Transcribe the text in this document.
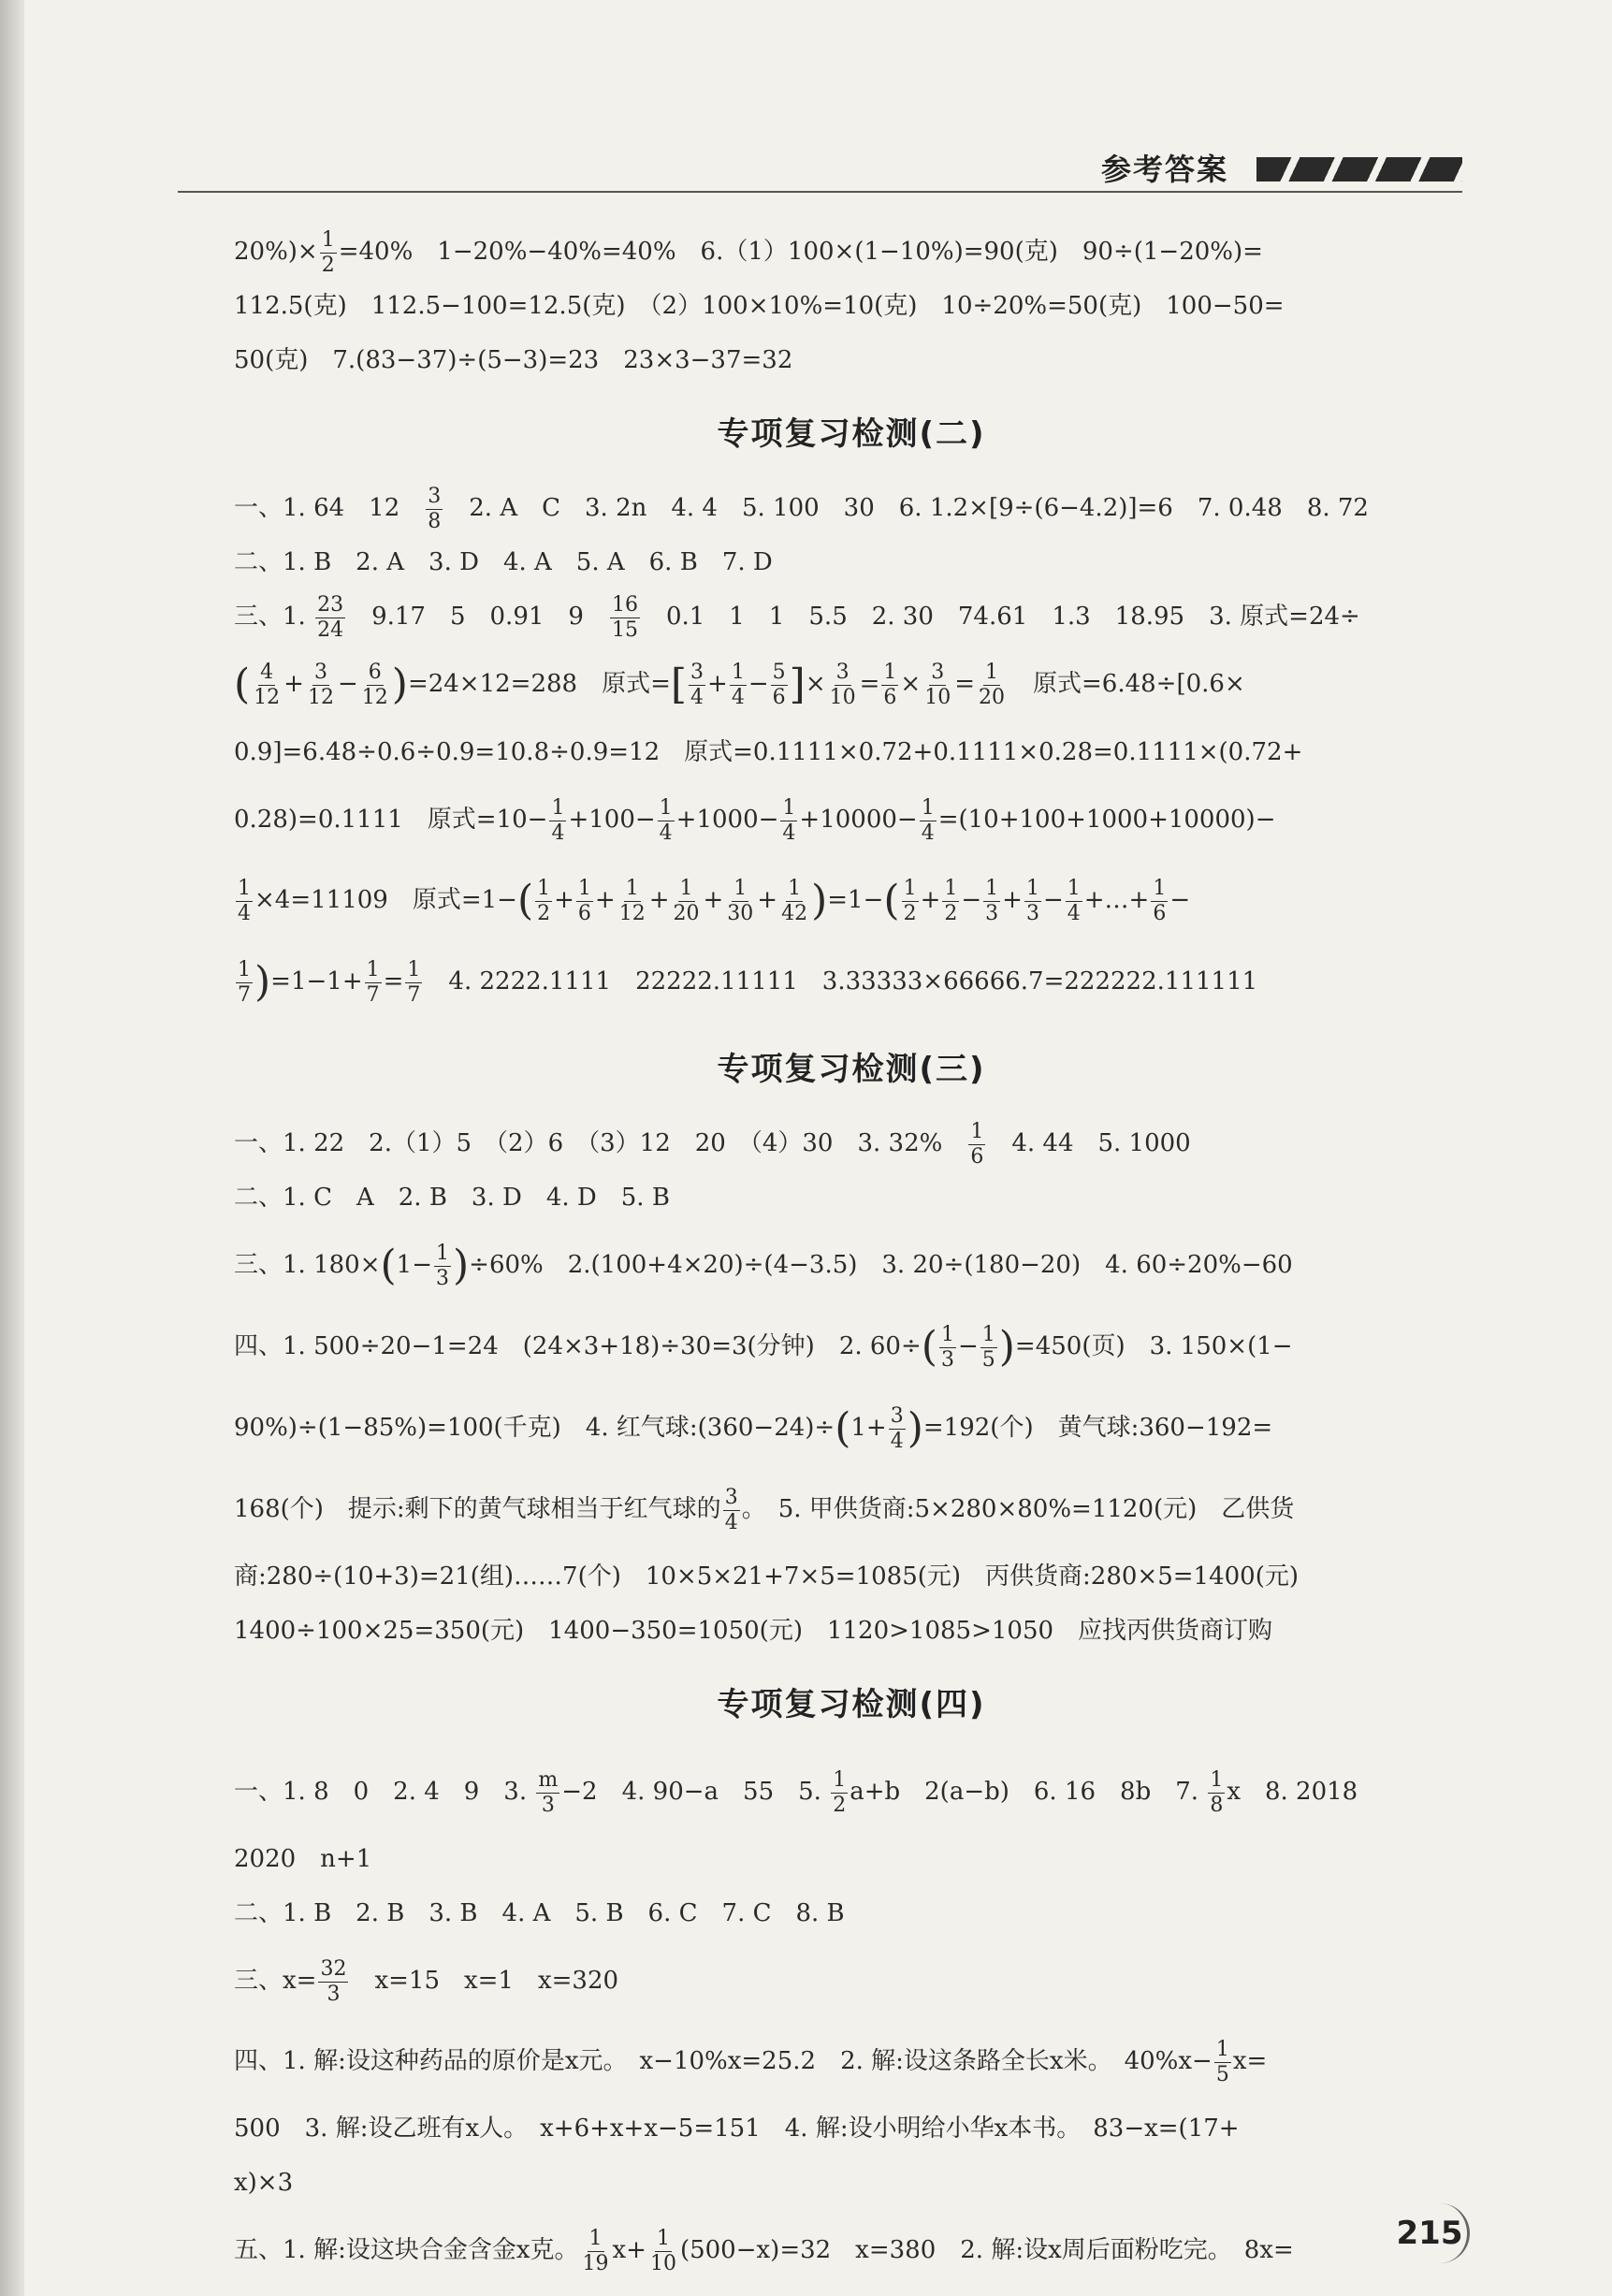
参考答案
$20\%)\times \frac{1}{2} =40\%$　1−20%−40%=40%　6.（1）100×(1−10%)=90(克)　90÷(1−20%)=
112.5(克)　112.5−100=12.5(克)　（2）100×10%=10(克)　10÷20%=50(克)　100−50=
50(克)　7.(83−37)÷(5−3)=23　23×3−37=32
专项复习检测(二)
一、1. 64　12　 $\frac{3}{8}$ 　2. A　C　3. 2n　4. 4　5. 100　30　6. 1.2×[9÷(6−4.2)]=6　7. 0.48　8. 72
二、1. B　2. A　3. D　4. A　5. A　6. B　7. D
三、1. $\frac{23}{24}$ 　9.17　5　0.91　9　 $\frac{16}{15}$ 　0.1　1　1　5.5　2. 30　74.61　1.3　18.95　3. 原式=24÷
( $\frac{4}{12} + \frac{3}{12} - \frac{6}{12} )=24\times 12=288$　原式=[ $\frac{3}{4} + \frac{1}{4} - \frac{5}{6}$ ]× $\frac{3}{10} = \frac{1}{6} \times \frac{3}{10} = \frac{1}{20}$ 　原式=6.48÷[0.6×
0.9]=6.48÷0.6÷0.9=10.8÷0.9=12　原式=0.1111×0.72+0.1111×0.28=0.1111×(0.72+
0.28)=0.1111　原式$=10- \frac{1}{4} +100- \frac{1}{4} +1000- \frac{1}{4} +10000- \frac{1}{4} =(10+100+1000+10000)-$
$\frac{1}{4} \times 4=11109$　原式$=1-( \frac{1}{2} + \frac{1}{6} + \frac{1}{12} + \frac{1}{20} + \frac{1}{30} + \frac{1}{42} )=1-( \frac{1}{2} + \frac{1}{2} - \frac{1}{3} + \frac{1}{3} - \frac{1}{4}$ +…+ $\frac{1}{6}$ −
$\frac{1}{7} )=1-1+ \frac{1}{7} = \frac{1}{7}$ 　4. 2222.1111　22222.11111　3.33333×66666.7=222222.111111
专项复习检测(三)
一、1. 22　2.（1）5　（2）6　（3）12　20　（4）30　3. 32%　 $\frac{1}{6}$ 　4. 44　5. 1000
二、1. C　A　2. B　3. D　4. D　5. B
三、1. $180\times(1- \frac{1}{3} )\div 60\%$　2.(100+4×20)÷(4−3.5)　3. 20÷(180−20)　4. 60÷20%−60
四、1. 500÷20−1=24　(24×3+18)÷30=3(分钟)　2. $60\div( \frac{1}{3} - \frac{1}{5} )=450$(页)　3. 150×(1−
90%)÷(1−85%)=100(千克)　4. 红气球:(360−24)÷(1+ $\frac{3}{4} )=192$(个)　黄气球:360−192=
168(个)　提示:剩下的黄气球相当于红气球的 $\frac{3}{4}$ 。　5. 甲供货商:5×280×80%=1120(元)　乙供货
商:280÷(10+3)=21(组)……7(个)　10×5×21+7×5=1085(元)　丙供货商:280×5=1400(元)
1400÷100×25=350(元)　1400−350=1050(元)　1120>1085>1050　应找丙供货商订购
专项复习检测(四)
一、1. 8　0　2. 4　9　3. $\frac{m}{3} -2$　4. 90−a　55　5. $\frac{1}{2} a+b$　2(a−b)　6. 16　8b　7. $\frac{1}{8}$ x　8. 2018
2020　n+1
二、1. B　2. B　3. B　4. A　5. B　6. C　7. C　8. B
三、$x= \frac{32}{3}$ 　x=15　x=1　x=320
四、1. 解:设这种药品的原价是x元。　x−10%x=25.2　2. 解:设这条路全长x米。　$40\%x- \frac{1}{5} x=$
500　3. 解:设乙班有x人。　x+6+x+x−5=151　4. 解:设小明给小华x本书。　83−x=(17+
x)×3
五、1. 解:设这块合金含金x克。 $\frac{1}{19} x+ \frac{1}{10} (500-x)=32$　x=380　2. 解:设x周后面粉吃完。　8x=	215
